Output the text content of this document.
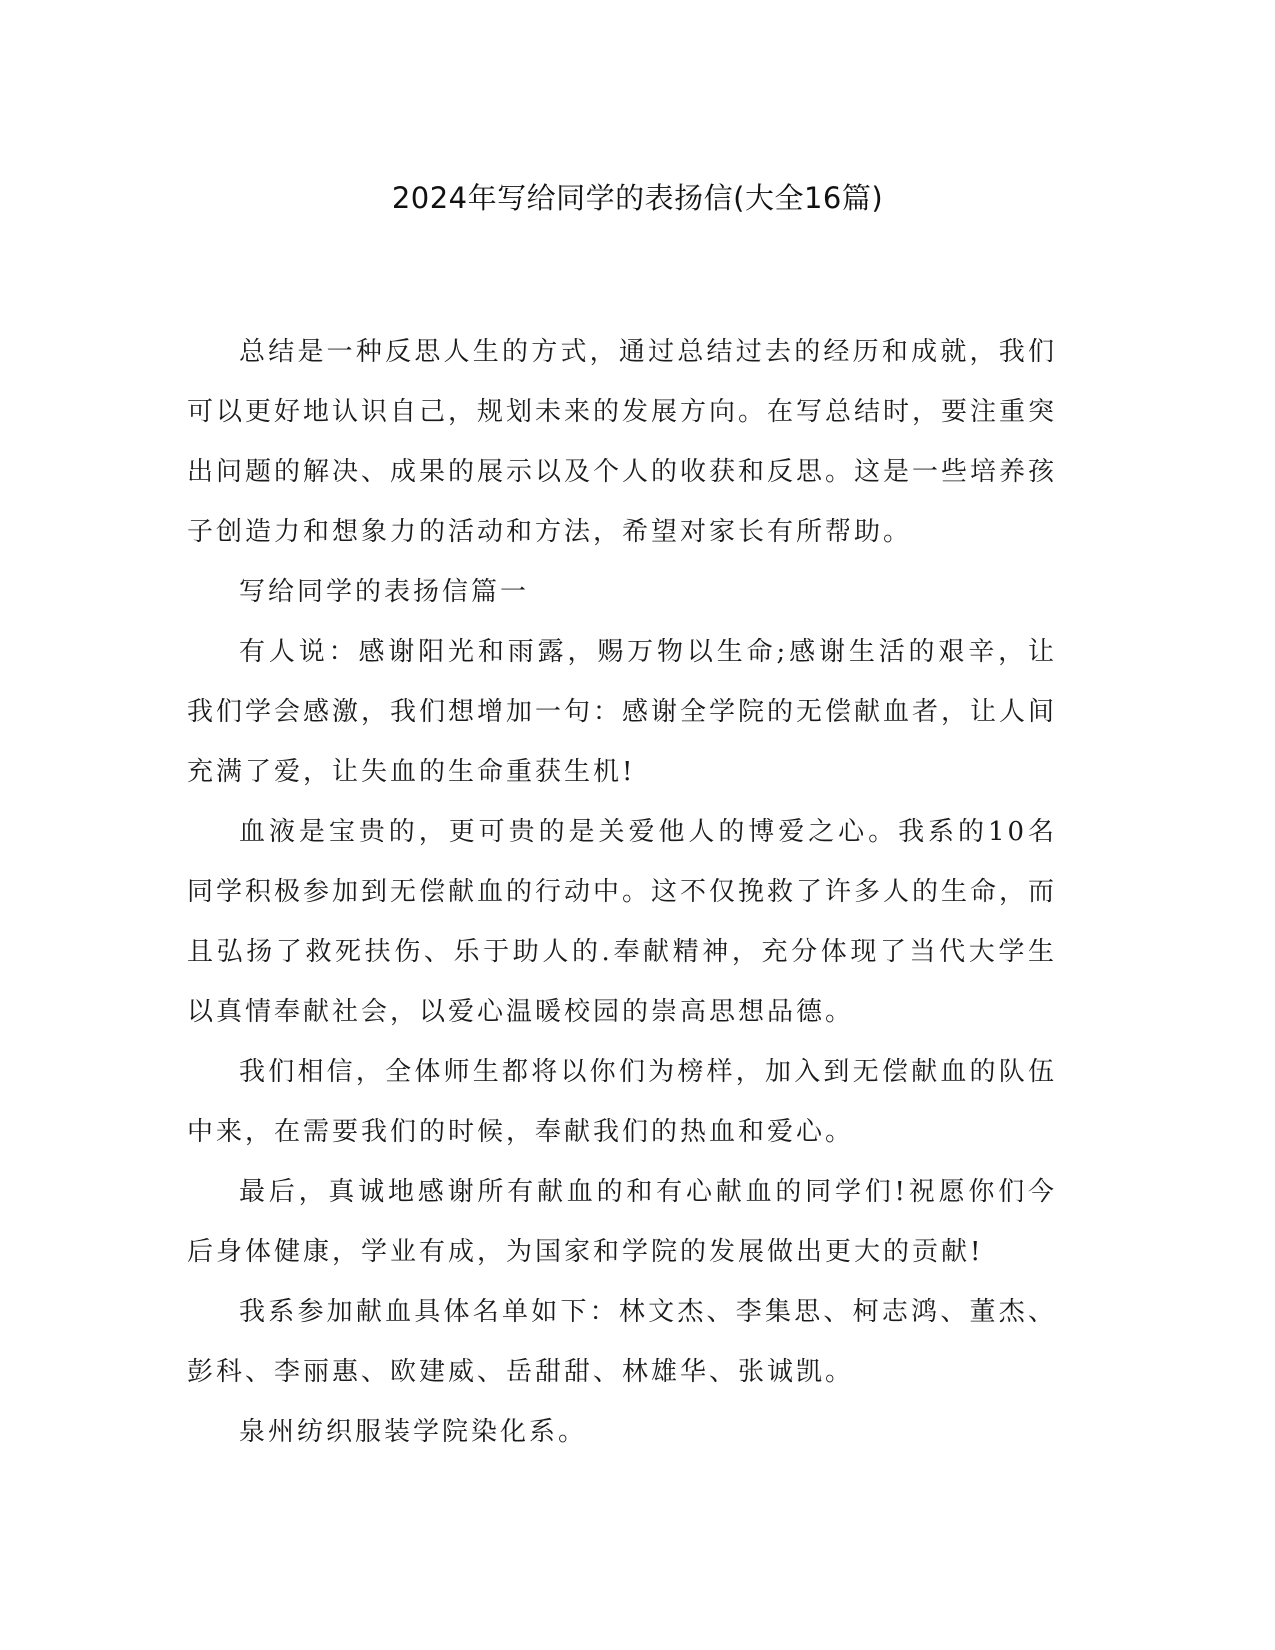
2024年写给同学的表扬信(大全16篇)

总结是一种反思人生的方式，通过总结过去的经历和成就，我们可以更好地认识自己，规划未来的发展方向。在写总结时，要注重突出问题的解决、成果的展示以及个人的收获和反思。这是一些培养孩子创造力和想象力的活动和方法，希望对家长有所帮助。

写给同学的表扬信篇一

有人说：感谢阳光和雨露，赐万物以生命;感谢生活的艰辛，让我们学会感激，我们想增加一句：感谢全学院的无偿献血者，让人间充满了爱，让失血的生命重获生机!

血液是宝贵的，更可贵的是关爱他人的博爱之心。我系的10名同学积极参加到无偿献血的行动中。这不仅挽救了许多人的生命，而且弘扬了救死扶伤、乐于助人的.奉献精神，充分体现了当代大学生以真情奉献社会，以爱心温暖校园的崇高思想品德。

我们相信，全体师生都将以你们为榜样，加入到无偿献血的队伍中来，在需要我们的时候，奉献我们的热血和爱心。

最后，真诚地感谢所有献血的和有心献血的同学们!祝愿你们今后身体健康，学业有成，为国家和学院的发展做出更大的贡献!

我系参加献血具体名单如下：林文杰、李集思、柯志鸿、董杰、彭科、李丽惠、欧建威、岳甜甜、林雄华、张诚凯。

泉州纺织服装学院染化系。
